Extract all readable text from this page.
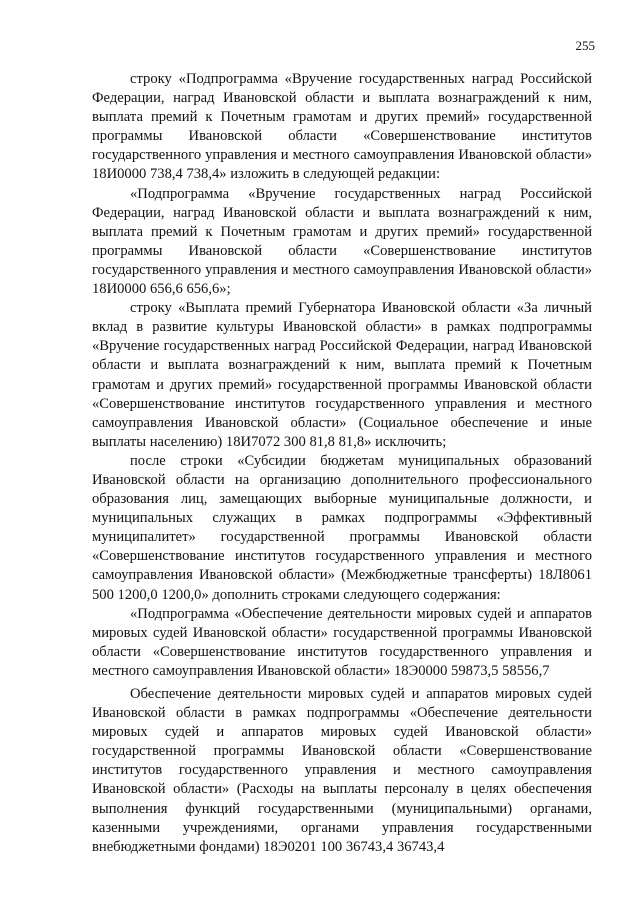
255

строку «Подпрограмма «Вручение государственных наград Российской Федерации, наград Ивановской области и выплата вознаграждений к ним, выплата премий к Почетным грамотам и других премий» государственной программы Ивановской области «Совершенствование институтов государственного управления и местного самоуправления Ивановской области» 18И0000 738,4 738,4» изложить в следующей редакции:

«Подпрограмма «Вручение государственных наград Российской Федерации, наград Ивановской области и выплата вознаграждений к ним, выплата премий к Почетным грамотам и других премий» государственной программы Ивановской области «Совершенствование институтов государственного управления и местного самоуправления Ивановской области» 18И0000 656,6 656,6»;

строку «Выплата премий Губернатора Ивановской области «За личный вклад в развитие культуры Ивановской области» в рамках подпрограммы «Вручение государственных наград Российской Федерации, наград Ивановской области и выплата вознаграждений к ним, выплата премий к Почетным грамотам и других премий» государственной программы Ивановской области «Совершенствование институтов государственного управления и местного самоуправления Ивановской области» (Социальное обеспечение и иные выплаты населению) 18И7072 300 81,8 81,8» исключить;

после строки «Субсидии бюджетам муниципальных образований Ивановской области на организацию дополнительного профессионального образования лиц, замещающих выборные муниципальные должности, и муниципальных служащих в рамках подпрограммы «Эффективный муниципалитет» государственной программы Ивановской области «Совершенствование институтов государственного управления и местного самоуправления Ивановской области» (Межбюджетные трансферты) 18Л8061 500 1200,0 1200,0» дополнить строками следующего содержания:

«Подпрограмма «Обеспечение деятельности мировых судей и аппаратов мировых судей Ивановской области» государственной программы Ивановской области «Совершенствование институтов государственного управления и местного самоуправления Ивановской области» 18Э0000 59873,5 58556,7

Обеспечение деятельности мировых судей и аппаратов мировых судей Ивановской области в рамках подпрограммы «Обеспечение деятельности мировых судей и аппаратов мировых судей Ивановской области» государственной программы Ивановской области «Совершенствование институтов государственного управления и местного самоуправления Ивановской области» (Расходы на выплаты персоналу в целях обеспечения выполнения функций государственными (муниципальными) органами, казенными учреждениями, органами управления государственными внебюджетными фондами) 18Э0201 100 36743,4 36743,4
